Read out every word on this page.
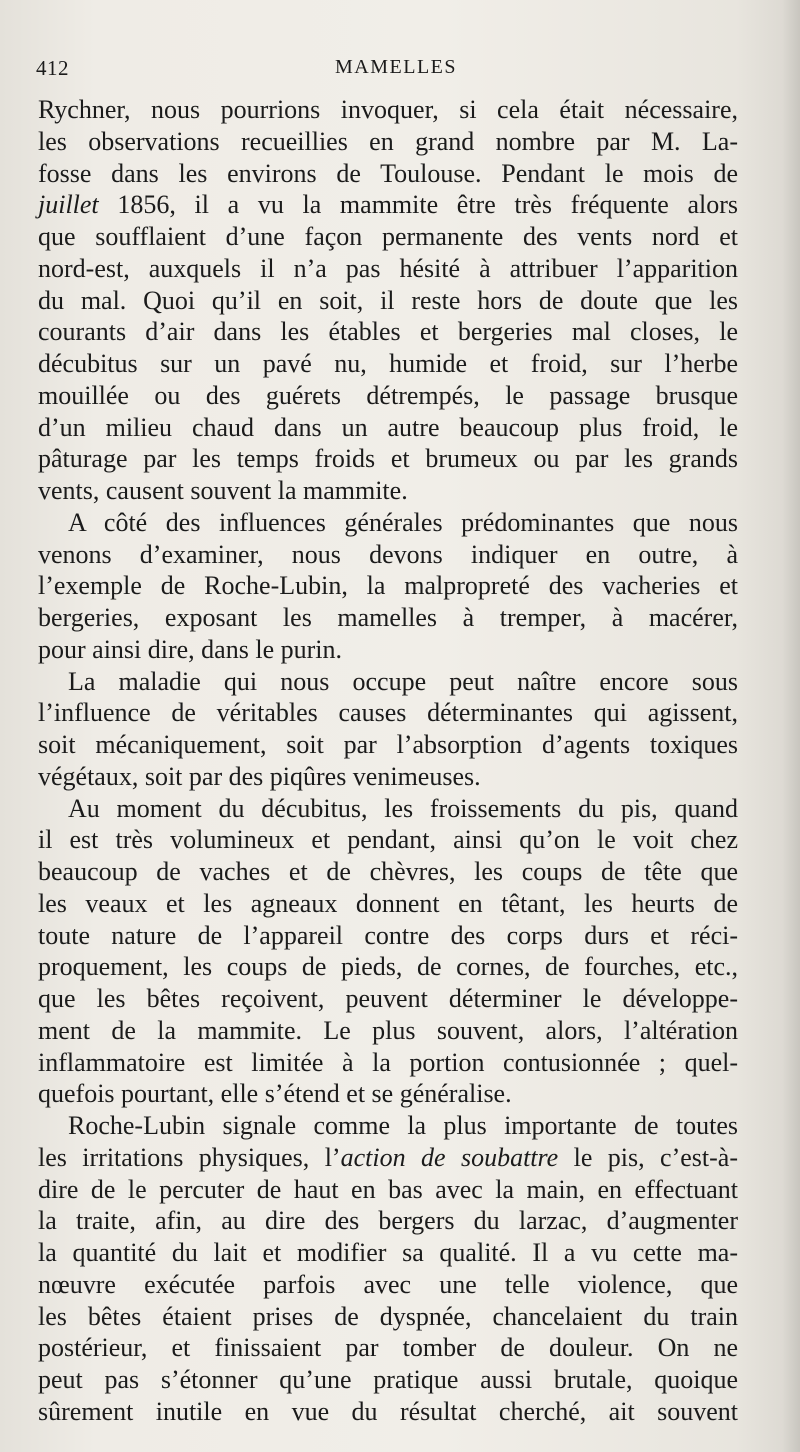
412	MAMELLES
Rychner, nous pourrions invoquer, si cela était nécessaire,
les observations recueillies en grand nombre par M. La-
fosse dans les environs de Toulouse. Pendant le mois de
juillet 1856, il a vu la mammite être très fréquente alors
que soufflaient d’une façon permanente des vents nord et
nord-est, auxquels il n’a pas hésité à attribuer l’apparition
du mal. Quoi qu’il en soit, il reste hors de doute que les
courants d’air dans les étables et bergeries mal closes, le
décubitus sur un pavé nu, humide et froid, sur l’herbe
mouillée ou des guérets détrempés, le passage brusque
d’un milieu chaud dans un autre beaucoup plus froid, le
pâturage par les temps froids et brumeux ou par les grands
vents, causent souvent la mammite.
A côté des influences générales prédominantes que nous
venons d’examiner, nous devons indiquer en outre, à
l’exemple de Roche-Lubin, la malpropreté des vacheries et
bergeries, exposant les mamelles à tremper, à macérer,
pour ainsi dire, dans le purin.
La maladie qui nous occupe peut naître encore sous
l’influence de véritables causes déterminantes qui agissent,
soit mécaniquement, soit par l’absorption d’agents toxiques
végétaux, soit par des piqûres venimeuses.
Au moment du décubitus, les froissements du pis, quand
il est très volumineux et pendant, ainsi qu’on le voit chez
beaucoup de vaches et de chèvres, les coups de tête que
les veaux et les agneaux donnent en têtant, les heurts de
toute nature de l’appareil contre des corps durs et réci-
proquement, les coups de pieds, de cornes, de fourches, etc.,
que les bêtes reçoivent, peuvent déterminer le développe-
ment de la mammite. Le plus souvent, alors, l’altération
inflammatoire est limitée à la portion contusionnée ; quel-
quefois pourtant, elle s’étend et se généralise.
Roche-Lubin signale comme la plus importante de toutes
les irritations physiques, l’action de soubattre le pis, c’est-à-
dire de le percuter de haut en bas avec la main, en effectuant
la traite, afin, au dire des bergers du larzac, d’augmenter
la quantité du lait et modifier sa qualité. Il a vu cette ma-
nœuvre exécutée parfois avec une telle violence, que
les bêtes étaient prises de dyspnée, chancelaient du train
postérieur, et finissaient par tomber de douleur. On ne
peut pas s’étonner qu’une pratique aussi brutale, quoique
sûrement inutile en vue du résultat cherché, ait souvent
